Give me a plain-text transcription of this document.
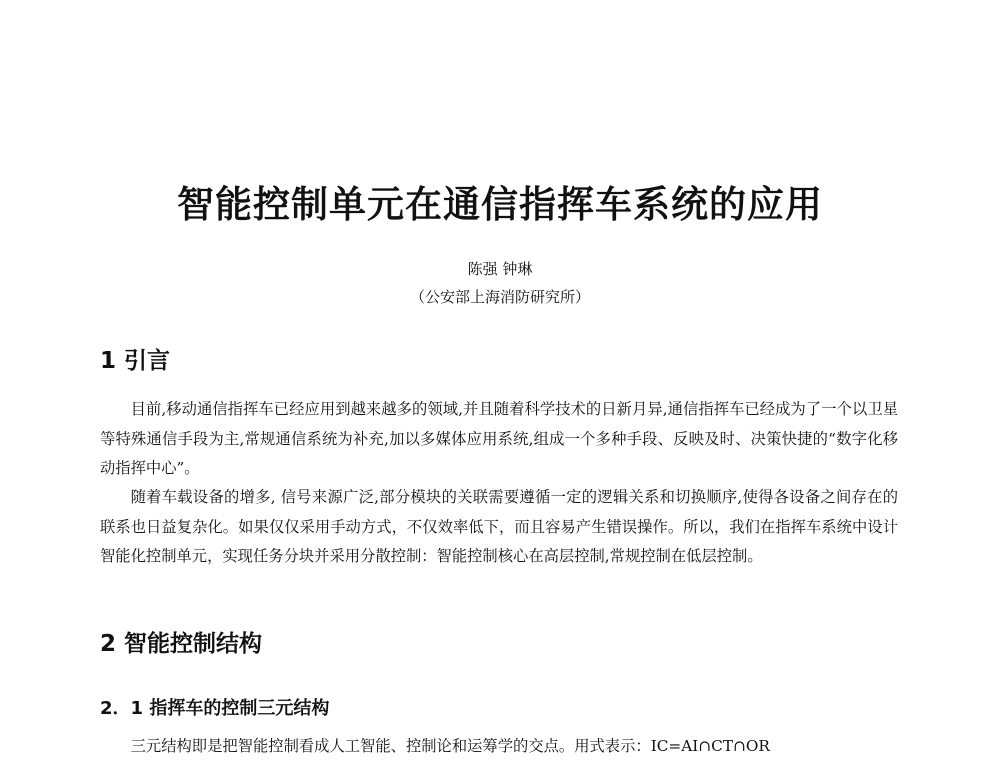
智能控制单元在通信指挥车系统的应用

陈强 钟琳

（公安部上海消防研究所）

1 引言

目前,移动通信指挥车已经应用到越来越多的领域,并且随着科学技术的日新月异,通信指挥车已经成为了一个以卫星等特殊通信手段为主,常规通信系统为补充,加以多媒体应用系统,组成一个多种手段、反映及时、决策快捷的“数字化移动指挥中心”。

随着车载设备的增多, 信号来源广泛,部分模块的关联需要遵循一定的逻辑关系和切换顺序,使得各设备之间存在的联系也日益复杂化。如果仅仅采用手动方式，不仅效率低下，而且容易产生错误操作。所以，我们在指挥车系统中设计智能化控制单元，实现任务分块并采用分散控制：智能控制核心在高层控制,常规控制在低层控制。

2 智能控制结构
2．1 指挥车的控制三元结构

三元结构即是把智能控制看成人工智能、控制论和运筹学的交点。用式表示：IC=AI∩CT∩OR
